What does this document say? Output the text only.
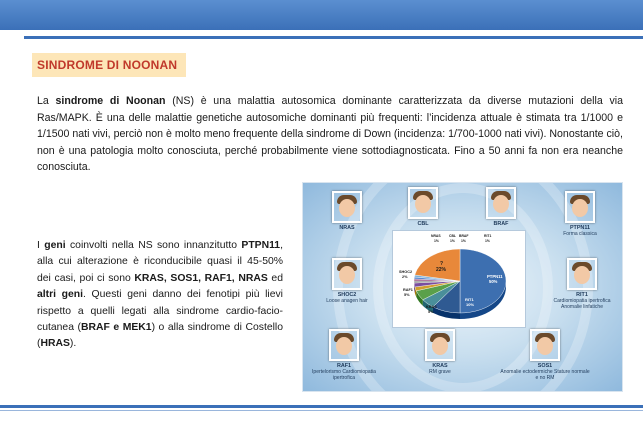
SINDROME DI NOONAN

La sindrome di Noonan (NS) è una malattia autosomica dominante caratterizzata da diverse mutazioni della via Ras/MAPK. È una delle malattie genetiche autosomiche dominanti più frequenti: l’incidenza attuale è stimata tra 1/1000 e 1/1500 nati vivi, perciò non è molto meno frequente della sindrome di Down (incidenza: 1/700-1000 nati vivi). Nonostante ciò, non è una patologia molto conosciuta, perché probabilmente viene sottodiagnosticata. Fino a 50 anni fa non era neanche conosciuta.

I geni coinvolti nella NS sono innanzitutto PTPN11, alla cui alterazione è riconducibile quasi il 45-50% dei casi, poi ci sono KRAS, SOS1, RAF1, NRAS ed altri geni. Questi geni danno dei fenotipi più lievi rispetto a quelli legati alla sindrome cardio-facio-cutanea (BRAF e MEK1) o alla sindrome di Costello (HRAS).

NRAS
CBL	BRAF
PTPN11
Forma classica
SHOC2
Loose anagen hair
RIT1
Cardiomiopatia ipertrofica Anomalie linfatiche
RAF1
Ipertelorismo Cardiomiopatia ipertrofica
KRAS
RM grave
SOS1
Anomalie ectodermiche Stature normale e no RM
PTPN11
50%
RIT1
10%
KRAS
5%
RAF1
5%
SHOC2
2%
?
22%
NRAS
1%
CBL
1%
BRAF
1%
RIT1
1%
